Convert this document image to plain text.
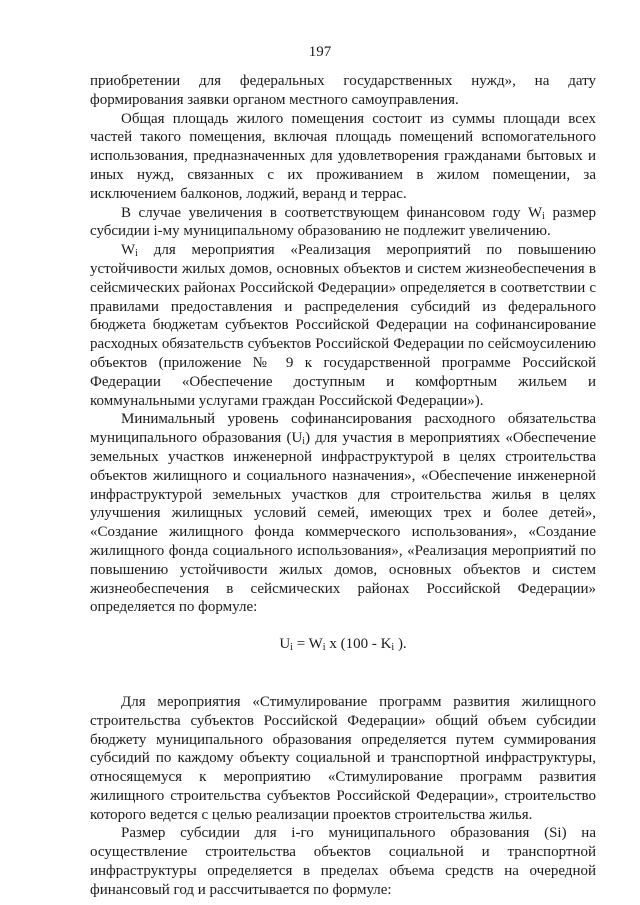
197

приобретении для федеральных государственных нужд», на дату формирования заявки органом местного самоуправления.

Общая площадь жилого помещения состоит из суммы площади всех частей такого помещения, включая площадь помещений вспомогательного использования, предназначенных для удовлетворения гражданами бытовых и иных нужд, связанных с их проживанием в жилом помещении, за исключением балконов, лоджий, веранд и террас.

В случае увеличения в соответствующем финансовом году $W_i$ размер субсидии i-му муниципальному образованию не подлежит увеличению.

$W_i$ для мероприятия «Реализация мероприятий по повышению устойчивости жилых домов, основных объектов и систем жизнеобеспечения в сейсмических районах Российской Федерации» определяется в соответствии с правилами предоставления и распределения субсидий из федерального бюджета бюджетам субъектов Российской Федерации на софинансирование расходных обязательств субъектов Российской Федерации по сейсмоусилению объектов (приложение № 9 к государственной программе Российской Федерации «Обеспечение доступным и комфортным жильем и коммунальными услугами граждан Российской Федерации»).

Минимальный уровень софинансирования расходного обязательства муниципального образования $(U_i)$ для участия в мероприятиях «Обеспечение земельных участков инженерной инфраструктурой в целях строительства объектов жилищного и социального назначения», «Обеспечение инженерной инфраструктурой земельных участков для строительства жилья в целях улучшения жилищных условий семей, имеющих трех и более детей», «Создание жилищного фонда коммерческого использования», «Создание жилищного фонда социального использования», «Реализация мероприятий по повышению устойчивости жилых домов, основных объектов и систем жизнеобеспечения в сейсмических районах Российской Федерации» определяется по формуле:

$U_i = W_i$ x ($100 - K_i$ ).

Для мероприятия «Стимулирование программ развития жилищного строительства субъектов Российской Федерации» общий объем субсидии бюджету муниципального образования определяется путем суммирования субсидий по каждому объекту социальной и транспортной инфраструктуры, относящемуся к мероприятию «Стимулирование программ развития жилищного строительства субъектов Российской Федерации», строительство которого ведется с целью реализации проектов строительства жилья.

Размер субсидии для i-го муниципального образования (Si) на осуществление строительства объектов социальной и транспортной инфраструктуры определяется в пределах объема средств на очередной финансовый год и рассчитывается по формуле:
